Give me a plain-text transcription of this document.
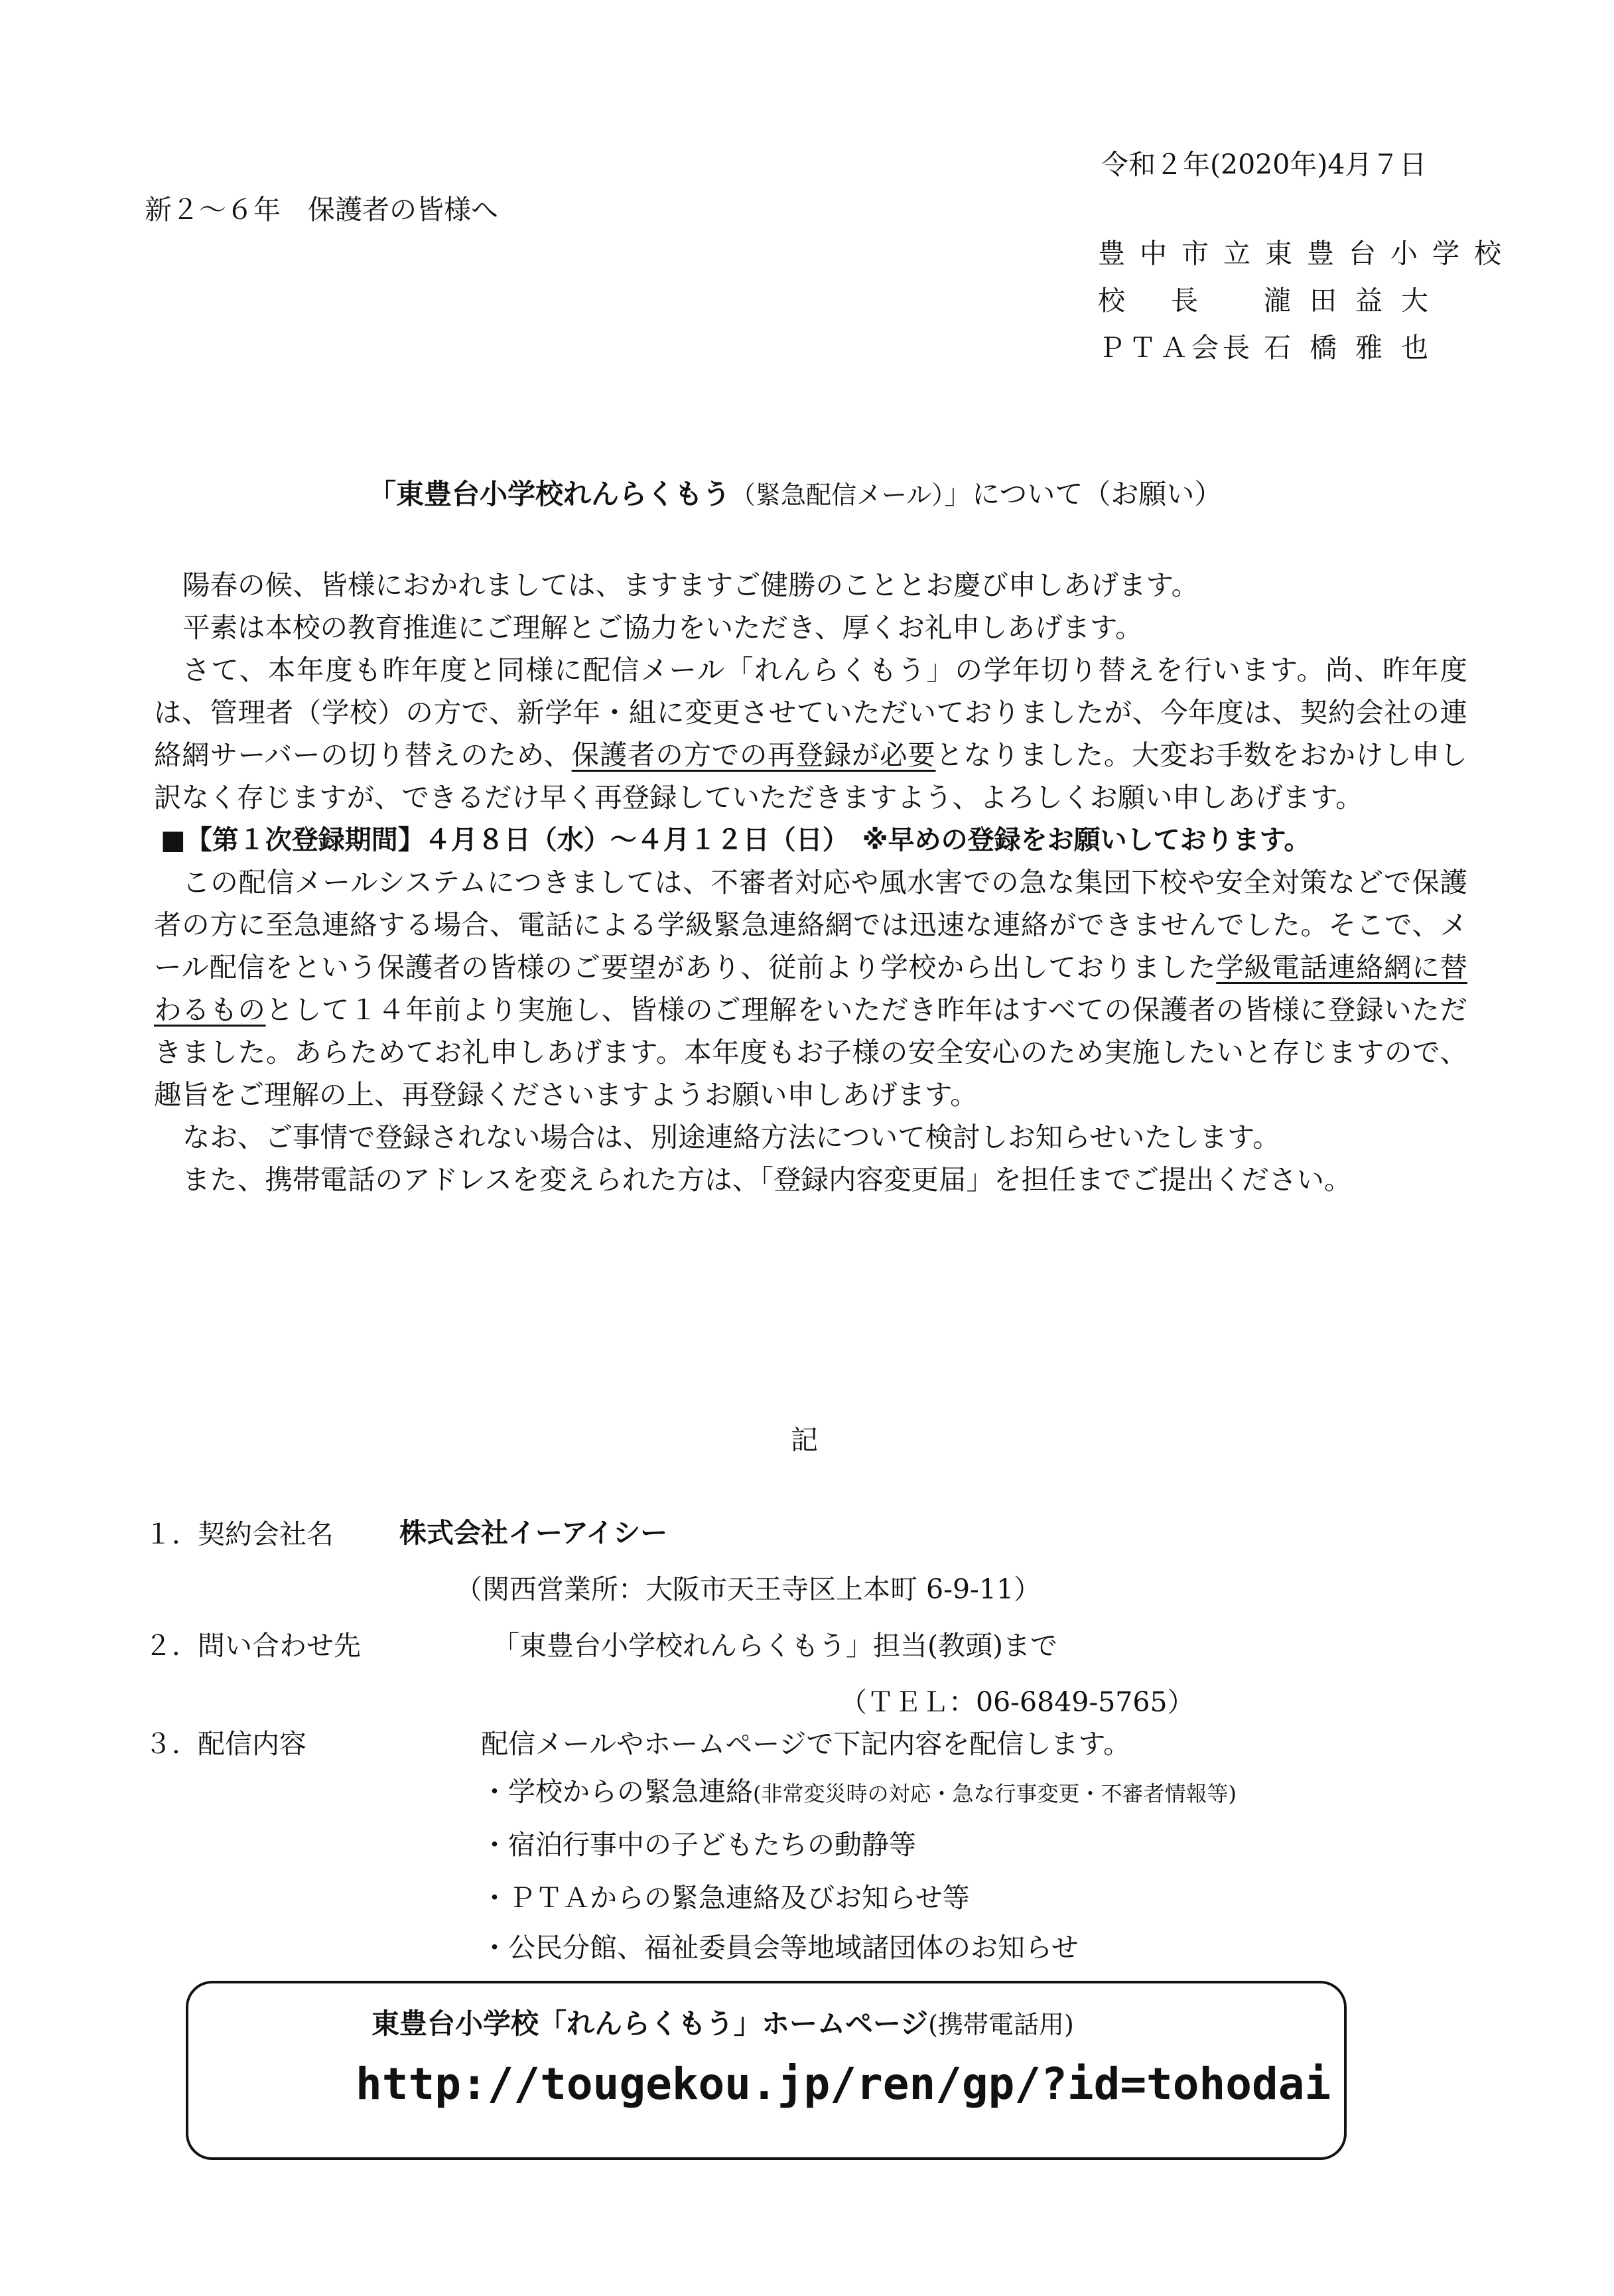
令和２年(2020年)4月７日
新２～６年　保護者の皆様へ
豊中市立東豊台小学校
校　長 瀧田益大
ＰＴＡ会長 石橋雅也
「東豊台小学校れんらくもう（緊急配信メール）」について（お願い）

陽春の候、皆様におかれましては、ますますご健勝のこととお慶び申しあげます。

平素は本校の教育推進にご理解とご協力をいただき、厚くお礼申しあげます。

さて、本年度も昨年度と同様に配信メール「れんらくもう」の学年切り替えを行います。尚、昨年度は、管理者（学校）の方で、新学年・組に変更させていただいておりましたが、今年度は、契約会社の連絡網サーバーの切り替えのため、保護者の方での再登録が必要となりました。大変お手数をおかけし申し訳なく存じますが、できるだけ早く再登録していただきますよう、よろしくお願い申しあげます。

■【第１次登録期間】４月８日（水）～４月１２日（日）　※早めの登録をお願いしております。

この配信メールシステムにつきましては、不審者対応や風水害での急な集団下校や安全対策などで保護者の方に至急連絡する場合、電話による学級緊急連絡網では迅速な連絡ができませんでした。そこで、メール配信をという保護者の皆様のご要望があり、従前より学校から出しておりました学級電話連絡網に替わるものとして１４年前より実施し、皆様のご理解をいただき昨年はすべての保護者の皆様に登録いただきました。あらためてお礼申しあげます。本年度もお子様の安全安心のため実施したいと存じますので、趣旨をご理解の上、再登録くださいますようお願い申しあげます。

なお、ご事情で登録されない場合は、別途連絡方法について検討しお知らせいたします。

また、携帯電話のアドレスを変えられた方は、「登録内容変更届」を担任までご提出ください。

記
１．
契約会社名 株式会社イーアイシー
（関西営業所：大阪市天王寺区上本町 6-9-11）
２．
問い合わせ先	「東豊台小学校れんらくもう」担当(教頭)まで
（ＴＥＬ：06-6849-5765）
３．
配信内容	配信メールやホームページで下記内容を配信します。
・学校からの緊急連絡(非常変災時の対応・急な行事変更・不審者情報等)
・宿泊行事中の子どもたちの動静等
・ＰＴＡからの緊急連絡及びお知らせ等
・公民分館、福祉委員会等地域諸団体のお知らせ
東豊台小学校「れんらくもう」ホームページ(携帯電話用)
http://tougekou.jp/ren/gp/?id=tohodai
